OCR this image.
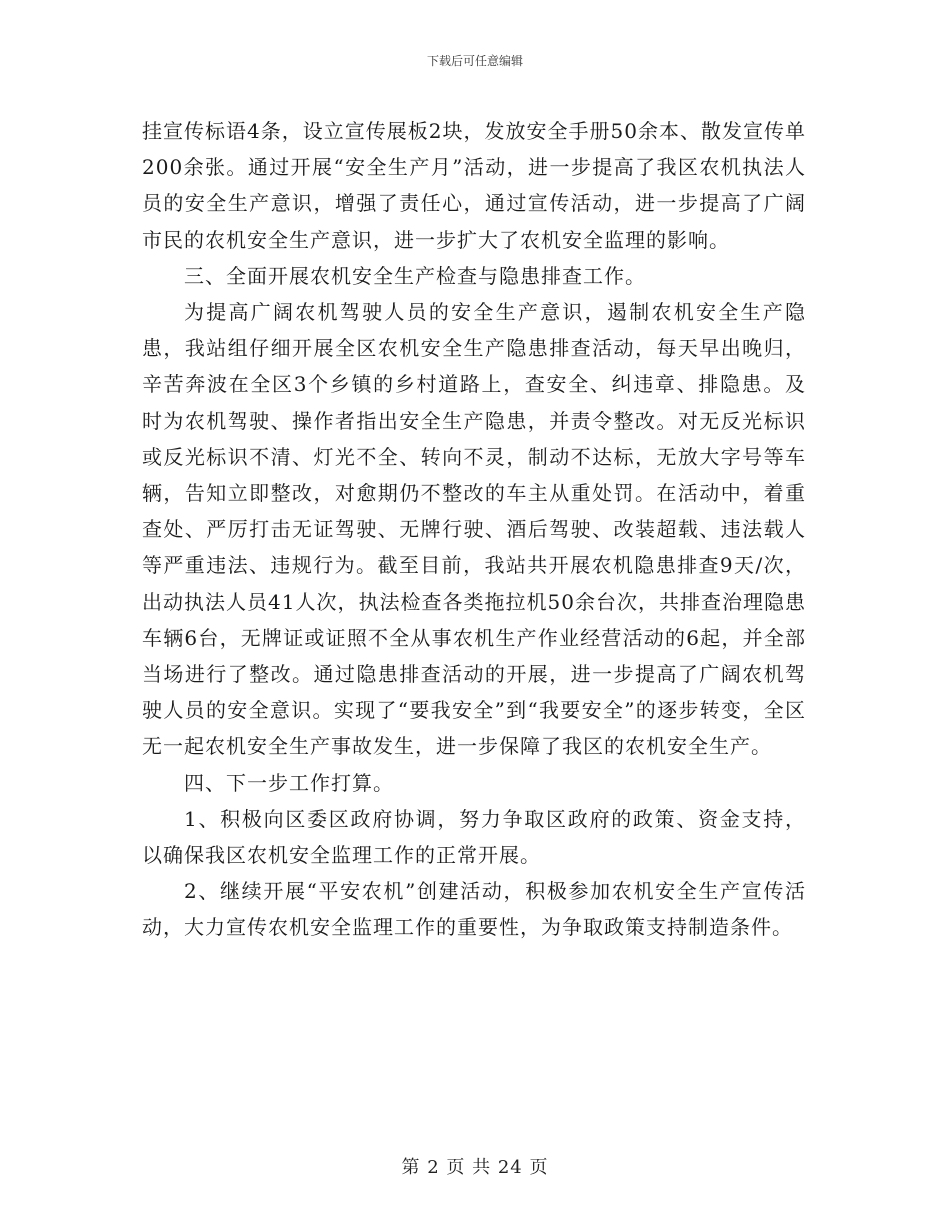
下载后可任意编辑

挂宣传标语4条，设立宣传展板2块，发放安全手册50余本、散发宣传单200余张。通过开展“安全生产月”活动，进一步提高了我区农机执法人员的安全生产意识，增强了责任心，通过宣传活动，进一步提高了广阔市民的农机安全生产意识，进一步扩大了农机安全监理的影响。

三、全面开展农机安全生产检查与隐患排查工作。

为提高广阔农机驾驶人员的安全生产意识，遏制农机安全生产隐患，我站组仔细开展全区农机安全生产隐患排查活动，每天早出晚归，辛苦奔波在全区3个乡镇的乡村道路上，查安全、纠违章、排隐患。及时为农机驾驶、操作者指出安全生产隐患，并责令整改。对无反光标识或反光标识不清、灯光不全、转向不灵，制动不达标，无放大字号等车辆，告知立即整改，对愈期仍不整改的车主从重处罚。在活动中，着重查处、严厉打击无证驾驶、无牌行驶、酒后驾驶、改装超载、违法载人等严重违法、违规行为。截至目前，我站共开展农机隐患排查9天/次，出动执法人员41人次，执法检查各类拖拉机50余台次，共排查治理隐患车辆6台，无牌证或证照不全从事农机生产作业经营活动的6起，并全部当场进行了整改。通过隐患排查活动的开展，进一步提高了广阔农机驾驶人员的安全意识。实现了“要我安全”到“我要安全”的逐步转变，全区无一起农机安全生产事故发生，进一步保障了我区的农机安全生产。

四、下一步工作打算。

1、积极向区委区政府协调，努力争取区政府的政策、资金支持，以确保我区农机安全监理工作的正常开展。

2、继续开展“平安农机”创建活动，积极参加农机安全生产宣传活动，大力宣传农机安全监理工作的重要性，为争取政策支持制造条件。

第 2 页 共 24 页
